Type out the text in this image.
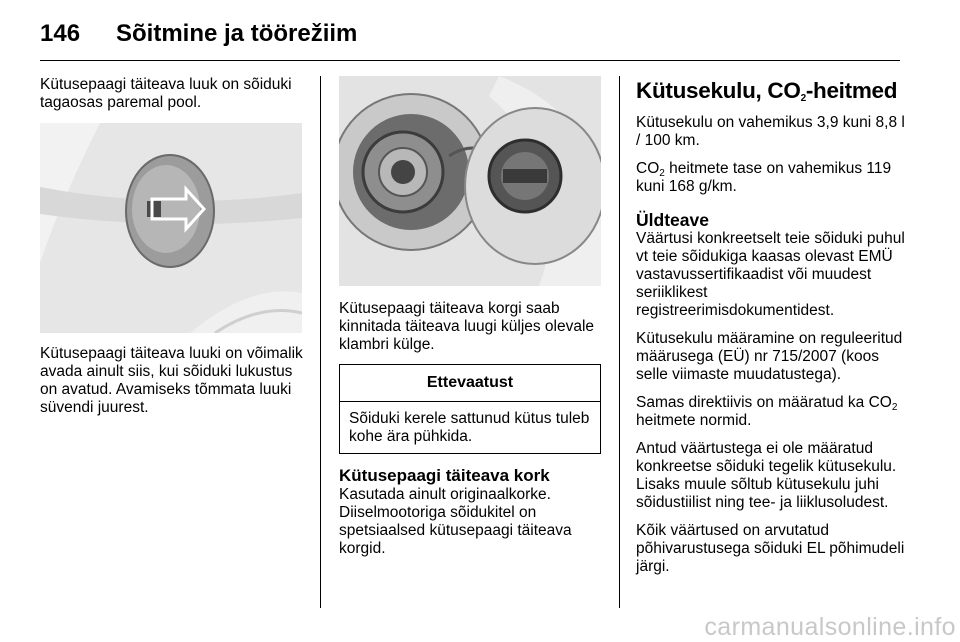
146 Sõitmine ja töörežiim

Kütusepaagi täiteava luuk on sõiduki tagaosas paremal pool.

Kütusepaagi täiteava luuki on võimalik avada ainult siis, kui sõiduki lukustus on avatud. Avamiseks tõmmata luuki süvendi juurest.

Kütusepaagi täiteava korgi saab kinnitada täiteava luugi küljes olevale klambri külge.

Ettevaatust
Sõiduki kerele sattunud kütus tuleb kohe ära pühkida.
Kütusepaagi täiteava kork
Kasutada ainult originaalkorke. Diiselmootoriga sõidukitel on spetsiaalsed kütusepaagi täiteava korgid.
Kütusekulu, $CO_2$-heitmed

Kütusekulu on vahemikus 3,9 kuni 8,8 l / 100 km.

$CO_2$ heitmete tase on vahemikus 119 kuni 168 g/km.

Üldteave

Väärtusi konkreetselt teie sõiduki puhul vt teie sõidukiga kaasas olevast EMÜ vastavussertifikaadist või muudest seriiklikest registreerimisdokumentidest.

Kütusekulu määramine on reguleeritud määrusega (EÜ) nr 715/2007 (koos selle viimaste muudatustega).

Samas direktiivis on määratud ka $CO_2$ heitmete normid.

Antud väärtustega ei ole määratud konkreetse sõiduki tegelik kütusekulu. Lisaks muule sõltub kütusekulu juhi sõidustiilist ning tee- ja liiklusoludest.

Kõik väärtused on arvutatud põhivarustusega sõiduki EL põhimudeli järgi.

carmanualsonline.info
